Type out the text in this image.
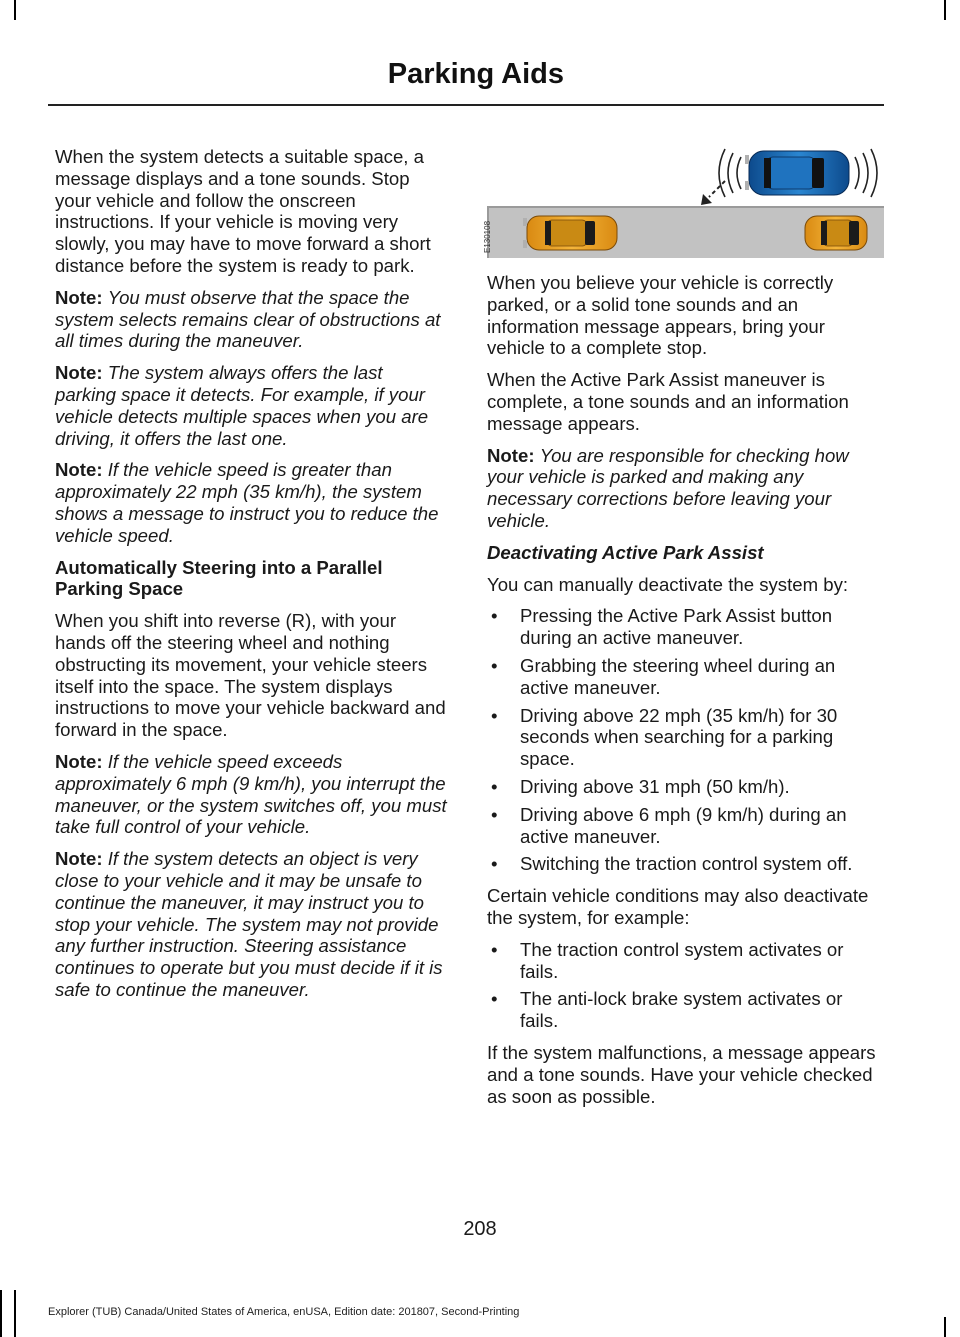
Parking Aids

When the system detects a suitable space, a message displays and a tone sounds. Stop your vehicle and follow the onscreen instructions. If your vehicle is moving very slowly, you may have to move forward a short distance before the system is ready to park.

Note: You must observe that the space the system selects remains clear of obstructions at all times during the maneuver.

Note: The system always offers the last parking space it detects. For example, if your vehicle detects multiple spaces when you are driving, it offers the last one.

Note: If the vehicle speed is greater than approximately 22 mph (35 km/h), the system shows a message to instruct you to reduce the vehicle speed.

Automatically Steering into a Parallel Parking Space

When you shift into reverse (R), with your hands off the steering wheel and nothing obstructing its movement, your vehicle steers itself into the space. The system displays instructions to move your vehicle backward and forward in the space.

Note: If the vehicle speed exceeds approximately 6 mph (9 km/h), you interrupt the maneuver, or the system switches off, you must take full control of your vehicle.

Note: If the system detects an object is very close to your vehicle and it may be unsafe to continue the maneuver, it may instruct you to stop your vehicle. The system may not provide any further instruction. Steering assistance continues to operate but you must decide if it is safe to continue the maneuver.

E130108

When you believe your vehicle is correctly parked, or a solid tone sounds and an information message appears, bring your vehicle to a complete stop.

When the Active Park Assist maneuver is complete, a tone sounds and an information message appears.

Note: You are responsible for checking how your vehicle is parked and making any necessary corrections before leaving your vehicle.

Deactivating Active Park Assist

You can manually deactivate the system by:

• Pressing the Active Park Assist button during an active maneuver.
• Grabbing the steering wheel during an active maneuver.
• Driving above 22 mph (35 km/h) for 30 seconds when searching for a parking space.
• Driving above 31 mph (50 km/h).
• Driving above 6 mph (9 km/h) during an active maneuver.
• Switching the traction control system off.

Certain vehicle conditions may also deactivate the system, for example:

• The traction control system activates or fails.
• The anti-lock brake system activates or fails.

If the system malfunctions, a message appears and a tone sounds. Have your vehicle checked as soon as possible.

208
Explorer (TUB) Canada/United States of America, enUSA, Edition date: 201807, Second-Printing
